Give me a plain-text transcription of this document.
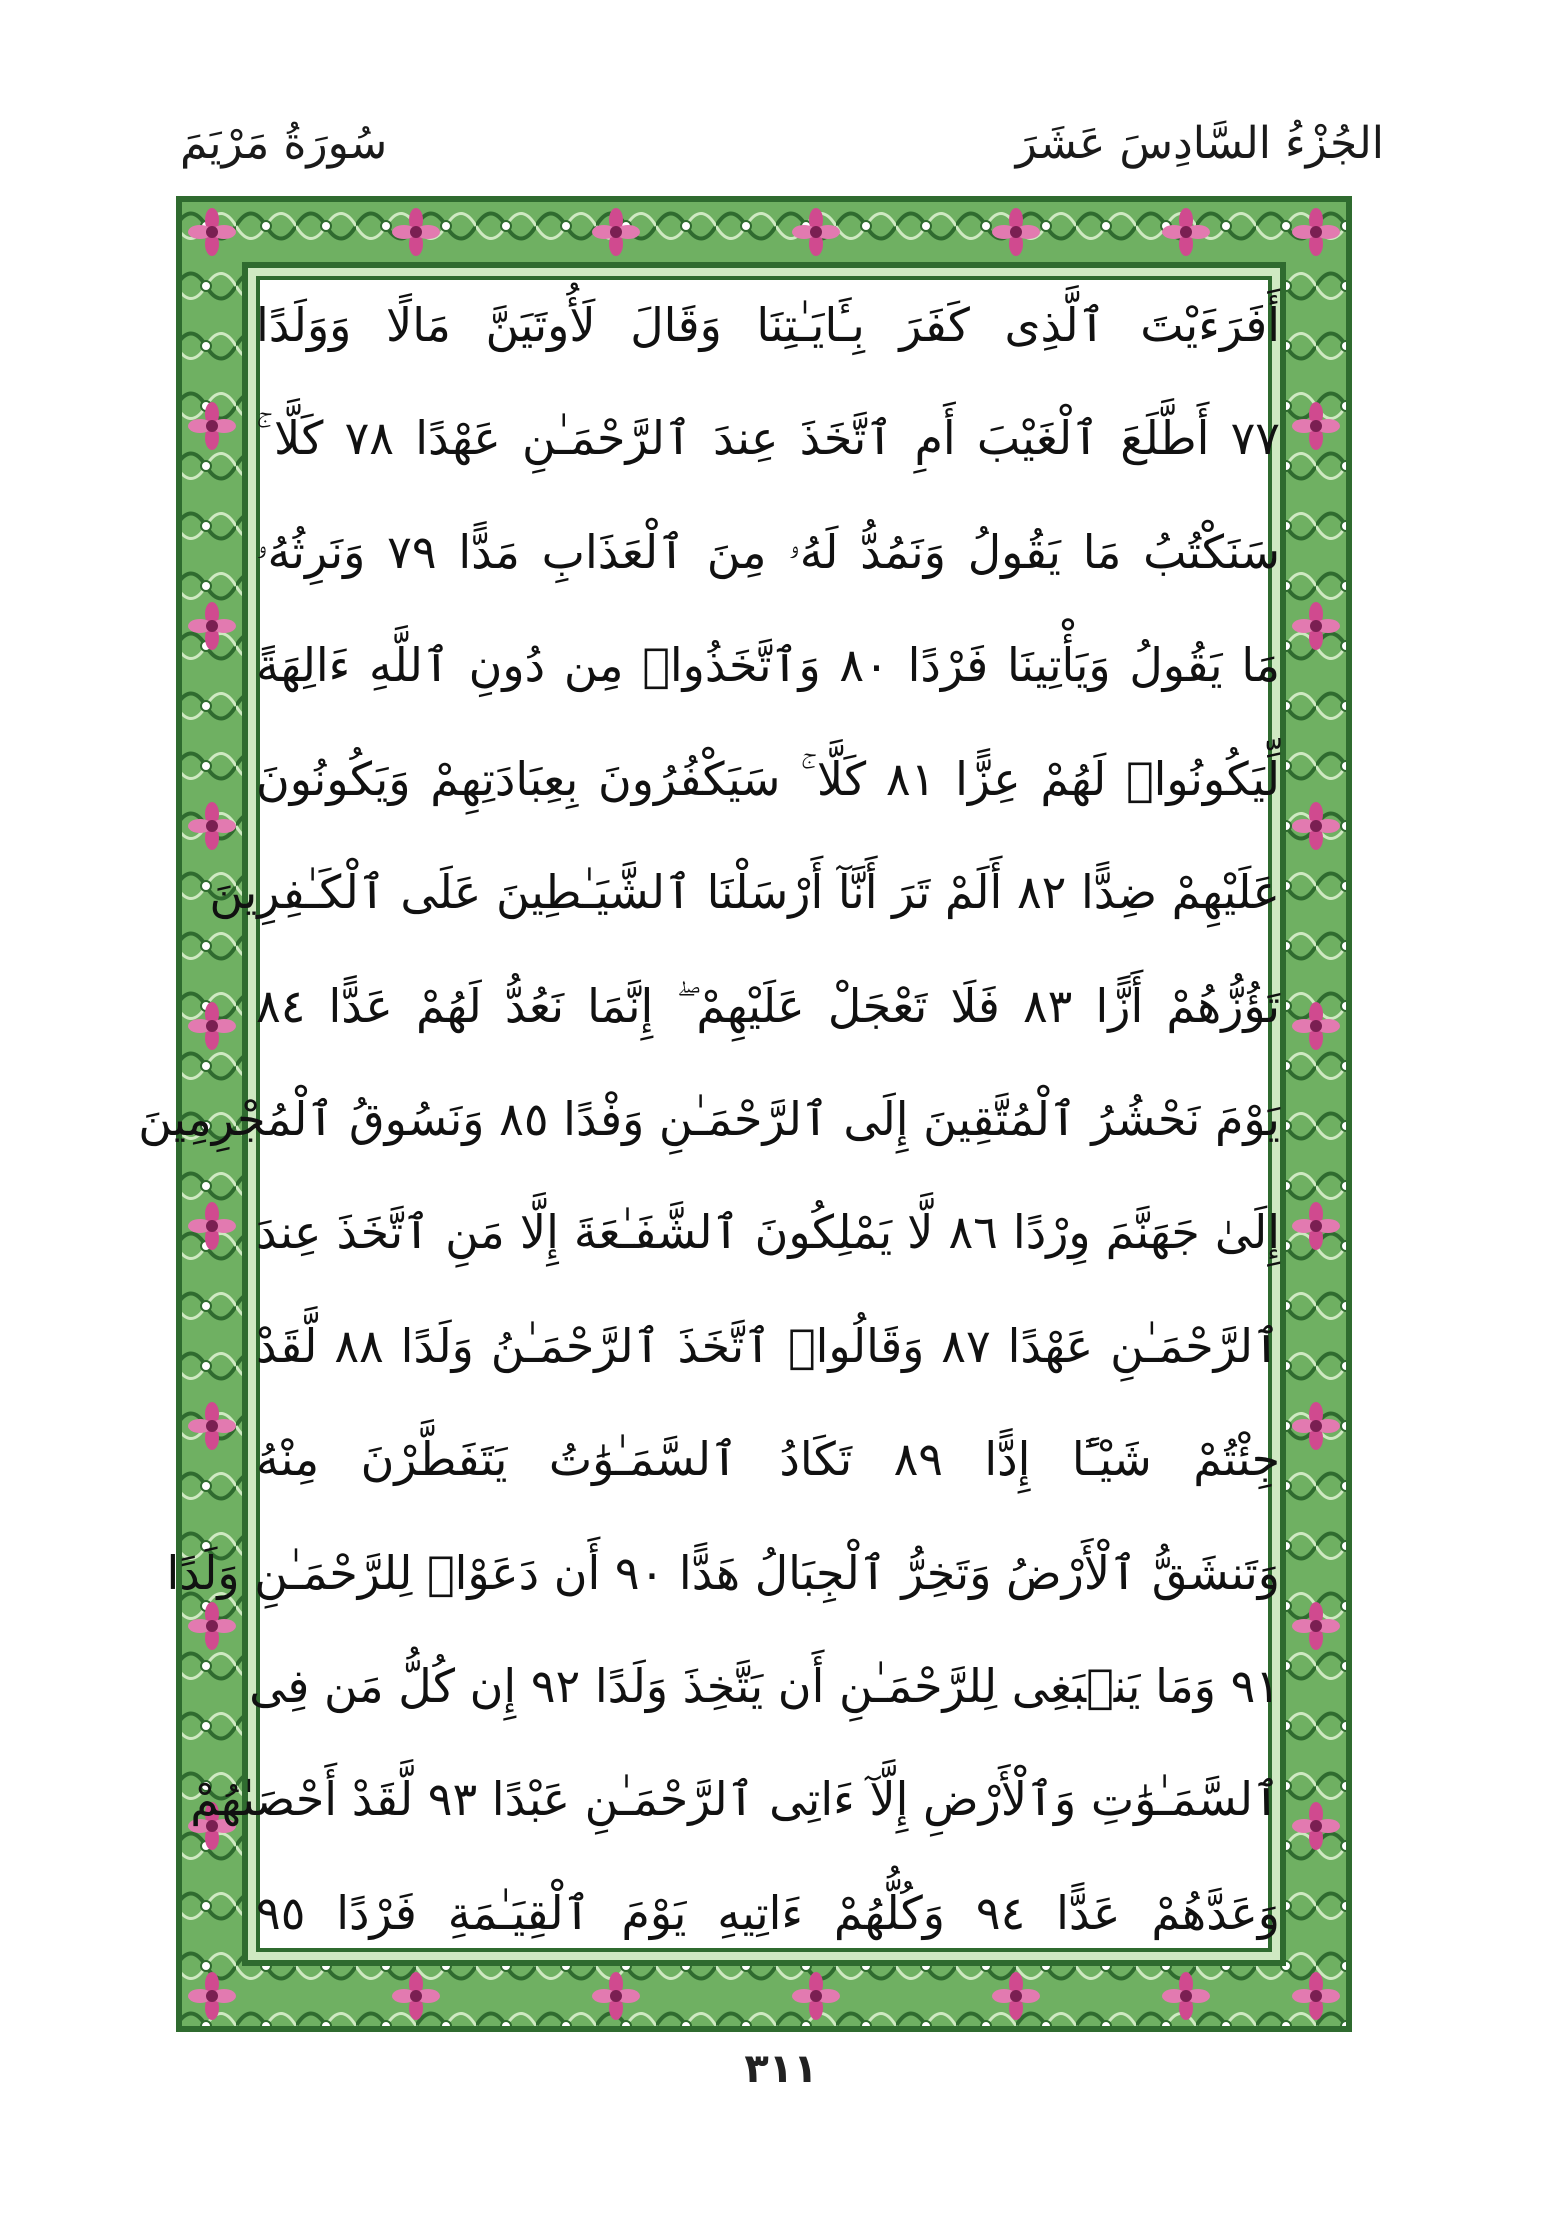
الجُزْءُ السَّادِسَ عَشَرَ
سُورَةُ مَرْيَمَ
أَفَرَءَيْتَ ٱلَّذِى كَفَرَ بِـَٔايَـٰتِنَا وَقَالَ لَأُوتَيَنَّ مَالًا وَوَلَدًا
٧٧ أَطَّلَعَ ٱلْغَيْبَ أَمِ ٱتَّخَذَ عِندَ ٱلرَّحْمَـٰنِ عَهْدًا ٧٨ كَلَّا ۚ
سَنَكْتُبُ مَا يَقُولُ وَنَمُدُّ لَهُۥ مِنَ ٱلْعَذَابِ مَدًّا ٧٩ وَنَرِثُهُۥ
مَا يَقُولُ وَيَأْتِينَا فَرْدًا ٨٠ وَٱتَّخَذُوا۟ مِن دُونِ ٱللَّهِ ءَالِهَةً
لِّيَكُونُوا۟ لَهُمْ عِزًّا ٨١ كَلَّا ۚ سَيَكْفُرُونَ بِعِبَادَتِهِمْ وَيَكُونُونَ
عَلَيْهِمْ ضِدًّا ٨٢ أَلَمْ تَرَ أَنَّآ أَرْسَلْنَا ٱلشَّيَـٰطِينَ عَلَى ٱلْكَـٰفِرِينَ
تَؤُزُّهُمْ أَزًّا ٨٣ فَلَا تَعْجَلْ عَلَيْهِمْ ۖ إِنَّمَا نَعُدُّ لَهُمْ عَدًّا ٨٤
يَوْمَ نَحْشُرُ ٱلْمُتَّقِينَ إِلَى ٱلرَّحْمَـٰنِ وَفْدًا ٨٥ وَنَسُوقُ ٱلْمُجْرِمِينَ
إِلَىٰ جَهَنَّمَ وِرْدًا ٨٦ لَّا يَمْلِكُونَ ٱلشَّفَـٰعَةَ إِلَّا مَنِ ٱتَّخَذَ عِندَ
ٱلرَّحْمَـٰنِ عَهْدًا ٨٧ وَقَالُوا۟ ٱتَّخَذَ ٱلرَّحْمَـٰنُ وَلَدًا ٨٨ لَّقَدْ
جِئْتُمْ شَيْـًٔا إِدًّا ٨٩ تَكَادُ ٱلسَّمَـٰوَٰتُ يَتَفَطَّرْنَ مِنْهُ
وَتَنشَقُّ ٱلْأَرْضُ وَتَخِرُّ ٱلْجِبَالُ هَدًّا ٩٠ أَن دَعَوْا۟ لِلرَّحْمَـٰنِ وَلَدًا
٩١ وَمَا يَنۢبَغِى لِلرَّحْمَـٰنِ أَن يَتَّخِذَ وَلَدًا ٩٢ إِن كُلُّ مَن فِى
ٱلسَّمَـٰوَٰتِ وَٱلْأَرْضِ إِلَّآ ءَاتِى ٱلرَّحْمَـٰنِ عَبْدًا ٩٣ لَّقَدْ أَحْصَىٰهُمْ
وَعَدَّهُمْ عَدًّا ٩٤ وَكُلُّهُمْ ءَاتِيهِ يَوْمَ ٱلْقِيَـٰمَةِ فَرْدًا ٩٥
٣١١
